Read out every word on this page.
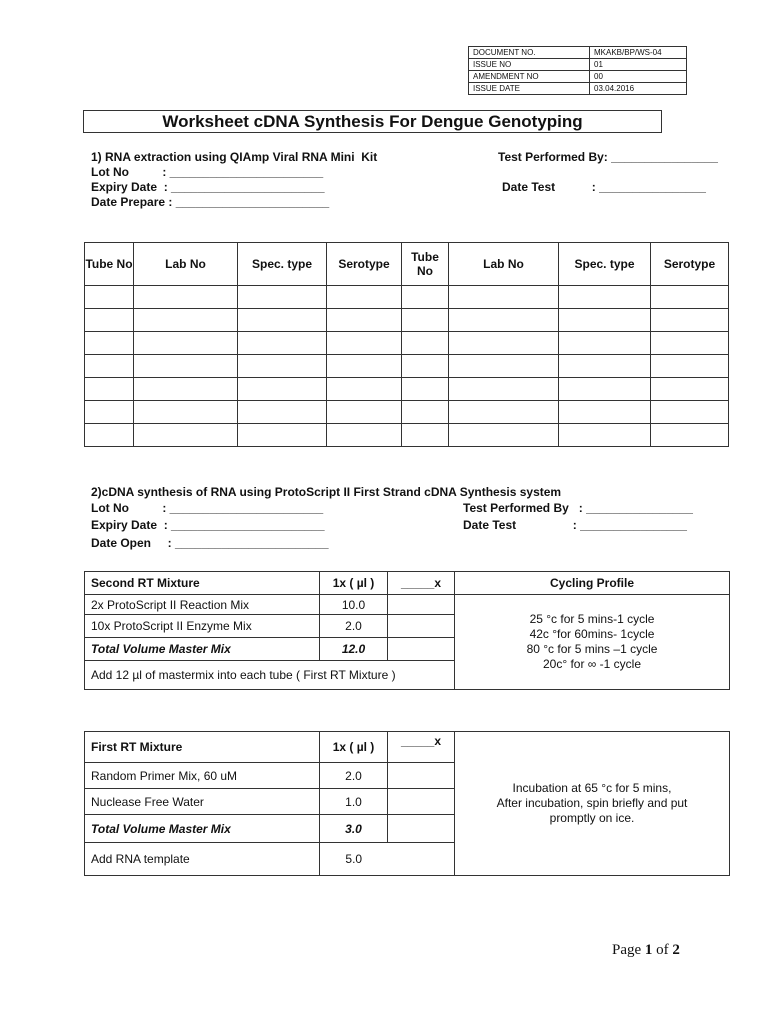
DOCUMENT NO.	MKAKB/BP/WS-04
ISSUE NO	01
AMENDMENT NO	00
ISSUE DATE	03.04.2016
Worksheet cDNA Synthesis For Dengue Genotyping
1) RNA extraction using QIAmp Viral RNA Mini  Kit
Lot No          : _______________________
Expiry Date  : _______________________
Date Prepare : _______________________
Test Performed By: ________________
Date Test           : ________________
Tube No	Lab No	Spec. type	Serotype	Tube No	Lab No	Spec. type	Serotype

2)cDNA synthesis of RNA using ProtoScript II First Strand cDNA Synthesis system
Lot No          : _______________________
Expiry Date  : _______________________
Date Open     : _______________________
Test Performed By   : ________________
Date Test                 : ________________
Second RT Mixture	1x ( µl )	_____x	Cycling Profile
2x ProtoScript II Reaction Mix	10.0		25 °c for 5 mins-1 cycle
42c °for 60mins- 1cycle
80 °c for 5 mins –1 cycle
20c° for ∞ -1 cycle

10x ProtoScript II Enzyme Mix	2.0		
Total Volume Master Mix	12.0		
Add 12 µl of mastermix into each tube ( First RT Mixture )			
First RT Mixture	1x ( µl )	_____x	Incubation at 65 °c for 5 mins,
After incubation, spin briefly and put
promptly on ice.

Random Primer Mix, 60 uM	2.0		
Nuclease Free Water	1.0		
Total Volume Master Mix	3.0		
Add RNA template	5.0		
Page 1 of 2
